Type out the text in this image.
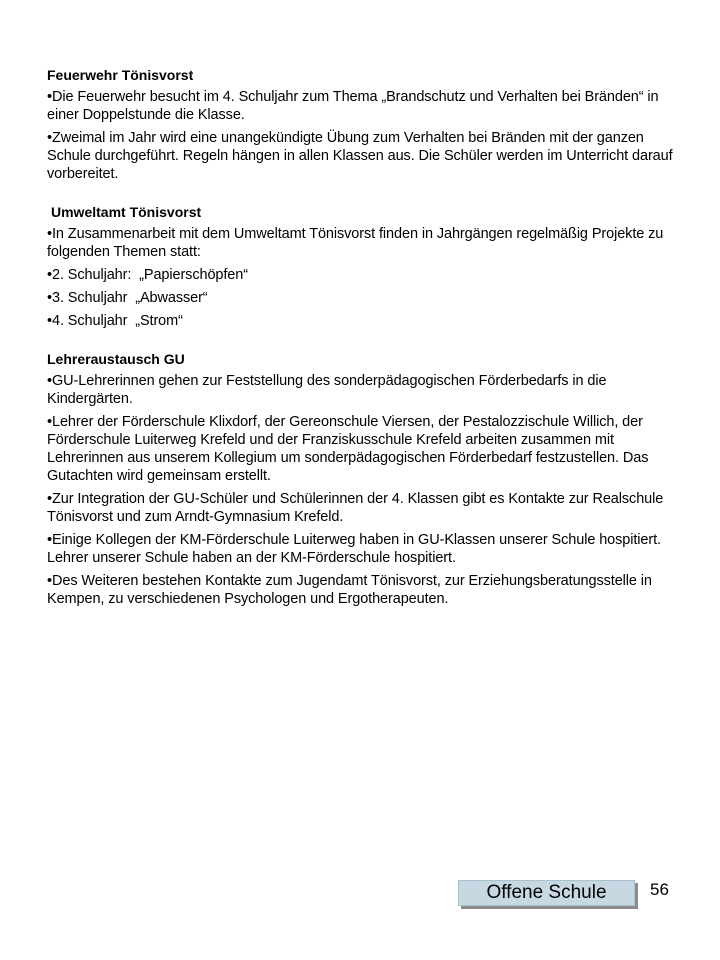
Feuerwehr Tönisvorst
•Die Feuerwehr besucht im 4. Schuljahr zum Thema „Brandschutz und Verhalten bei Bränden“ in einer Doppelstunde die Klasse.
•Zweimal im Jahr wird eine unangekündigte Übung zum Verhalten bei Bränden mit der ganzen Schule durchgeführt. Regeln hängen in allen Klassen aus. Die Schüler werden im Unterricht darauf vorbereitet.
Umweltamt Tönisvorst
•In Zusammenarbeit mit dem Umweltamt Tönisvorst finden in Jahrgängen regelmäßig Projekte zu folgenden Themen statt:
•2. Schuljahr:  „Papierschöpfen“
•3. Schuljahr  „Abwasser“
•4. Schuljahr  „Strom“
Lehreraustausch GU
•GU-Lehrerinnen gehen zur Feststellung des sonderpädagogischen Förderbedarfs in die Kindergärten.
•Lehrer der Förderschule Klixdorf, der Gereonschule Viersen, der Pestalozzischule Willich, der Förderschule Luiterweg Krefeld und der Franziskusschule Krefeld arbeiten zusammen mit Lehrerinnen aus unserem Kollegium um sonderpädagogischen Förderbedarf festzustellen. Das Gutachten wird gemeinsam erstellt.
•Zur Integration der GU-Schüler und Schülerinnen der 4. Klassen gibt es Kontakte zur Realschule Tönisvorst und zum Arndt-Gymnasium Krefeld.
•Einige Kollegen der KM-Förderschule Luiterweg haben in GU-Klassen unserer Schule hospitiert. Lehrer unserer Schule haben an der KM-Förderschule hospitiert.
•Des Weiteren bestehen Kontakte zum Jugendamt Tönisvorst, zur Erziehungsberatungsstelle in Kempen, zu verschiedenen Psychologen und Ergotherapeuten.
Offene Schule	56
